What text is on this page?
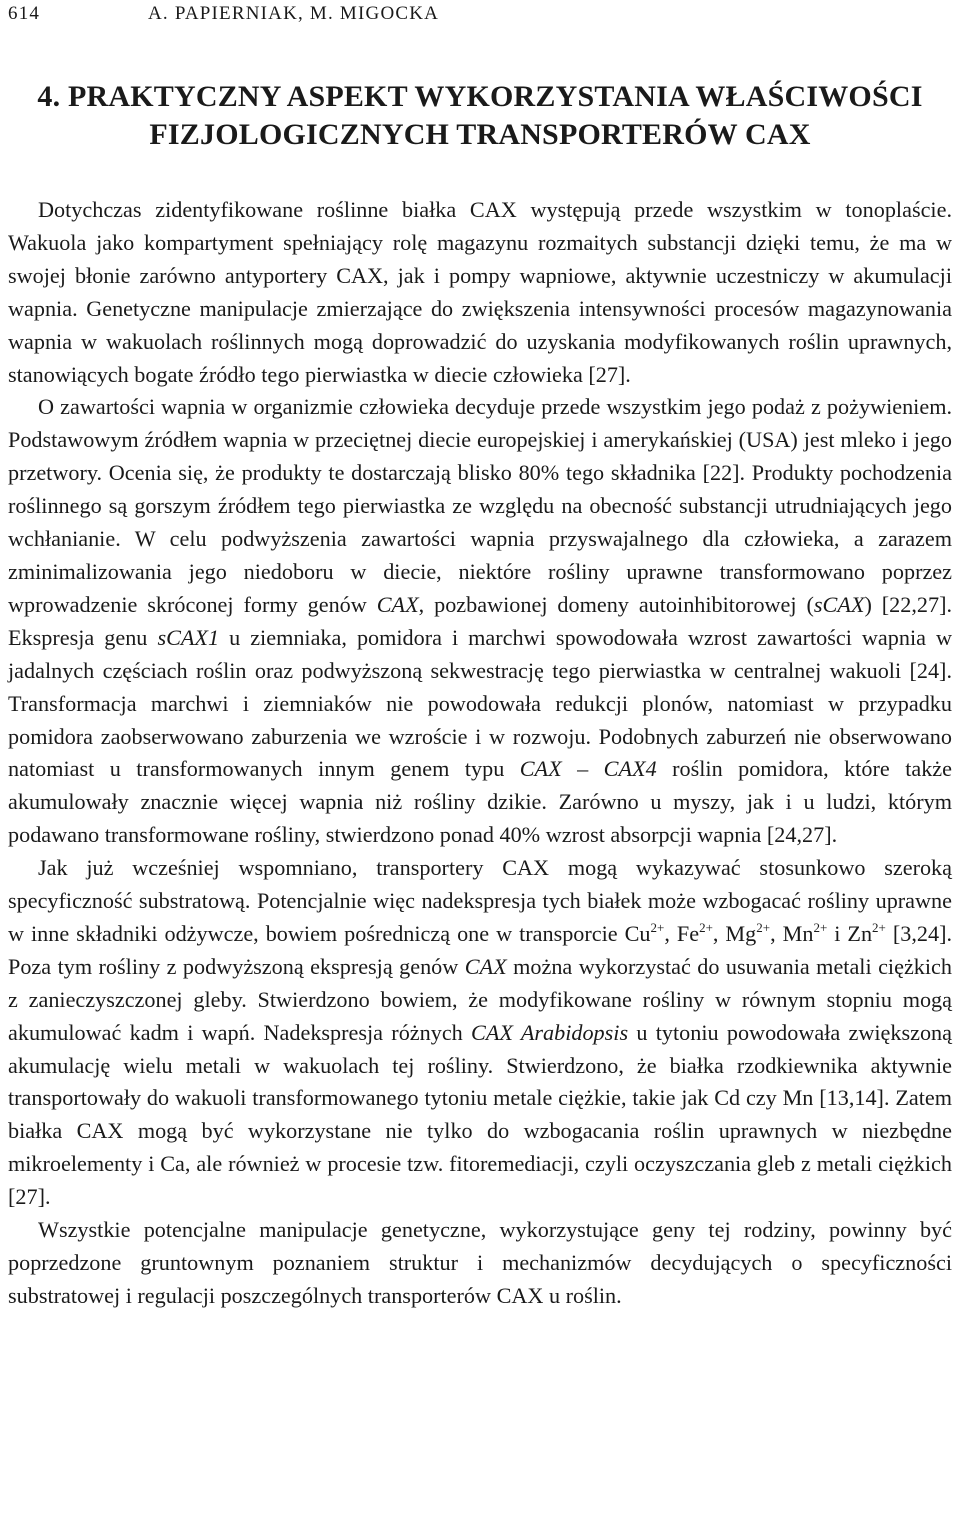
614	A. PAPIERNIAK, M. MIGOCKA
4. PRAKTYCZNY ASPEKT WYKORZYSTANIA WŁAŚCIWOŚCI
FIZJOLOGICZNYCH TRANSPORTERÓW CAX

Dotychczas zidentyfikowane roślinne białka CAX występują przede wszystkim w tonoplaście. Wakuola jako kompartyment spełniający rolę magazynu rozmaitych substancji dzięki temu, że ma w swojej błonie zarówno antyportery CAX, jak i pompy wapniowe, aktywnie uczestniczy w akumulacji wapnia. Genetyczne manipulacje zmierzające do zwiększenia intensywności procesów magazynowania wapnia w wakuolach roślinnych mogą doprowadzić do uzyskania modyfikowanych roślin uprawnych, stanowiących bogate źródło tego pierwiastka w diecie człowieka [27].

O zawartości wapnia w organizmie człowieka decyduje przede wszystkim jego podaż z pożywieniem. Podstawowym źródłem wapnia w przeciętnej diecie europejskiej i amerykańskiej (USA) jest mleko i jego przetwory. Ocenia się, że produkty te dostarczają blisko 80% tego składnika [22]. Produkty pochodzenia roślinnego są gorszym źródłem tego pierwiastka ze względu na obecność substancji utrudniających jego wchłanianie. W celu podwyższenia zawartości wapnia przyswajalnego dla człowieka, a zarazem zminimalizowania jego niedoboru w diecie, niektóre rośliny uprawne transformowano poprzez wprowadzenie skróconej formy genów CAX, pozbawionej domeny autoinhibitorowej (sCAX) [22,27]. Ekspresja genu sCAX1 u ziemniaka, pomidora i marchwi spowodowała wzrost zawartości wapnia w jadalnych częściach roślin oraz podwyższoną sekwestrację tego pierwiastka w centralnej wakuoli [24]. Transformacja marchwi i ziemniaków nie powodowała redukcji plonów, natomiast w przypadku pomidora zaobserwowano zaburzenia we wzroście i w rozwoju. Podobnych zaburzeń nie obserwowano natomiast u transformowanych innym genem typu CAX – CAX4 roślin pomidora, które także akumulowały znacznie więcej wapnia niż rośliny dzikie. Zarówno u myszy, jak i u ludzi, którym podawano transformowane rośliny, stwierdzono ponad 40% wzrost absorpcji wapnia [24,27].

Jak już wcześniej wspomniano, transportery CAX mogą wykazywać stosunkowo szeroką specyficzność substratową. Potencjalnie więc nadekspresja tych białek może wzbogacać rośliny uprawne w inne składniki odżywcze, bowiem pośredniczą one w transporcie $Cu^{2+}$, $Fe^{2+}$, $Mg^{2+}$, $Mn^{2+}$ i $Zn^{2+}$ [3,24]. Poza tym rośliny z podwyższoną ekspresją genów CAX można wykorzystać do usuwania metali ciężkich z zanieczyszczonej gleby. Stwierdzono bowiem, że modyfikowane rośliny w równym stopniu mogą akumulować kadm i wapń. Nadekspresja różnych CAX Arabidopsis u tytoniu powodowała zwiększoną akumulację wielu metali w wakuolach tej rośliny. Stwierdzono, że białka rzodkiewnika aktywnie transportowały do wakuoli transformowanego tytoniu metale ciężkie, takie jak Cd czy Mn [13,14]. Zatem białka CAX mogą być wykorzystane nie tylko do wzbogacania roślin uprawnych w niezbędne mikroelementy i Ca, ale również w procesie tzw. fitoremediacji, czyli oczyszczania gleb z metali ciężkich [27].

Wszystkie potencjalne manipulacje genetyczne, wykorzystujące geny tej rodziny, powinny być poprzedzone gruntownym poznaniem struktur i mechanizmów decydujących o specyficzności substratowej i regulacji poszczególnych transporterów CAX u roślin.
